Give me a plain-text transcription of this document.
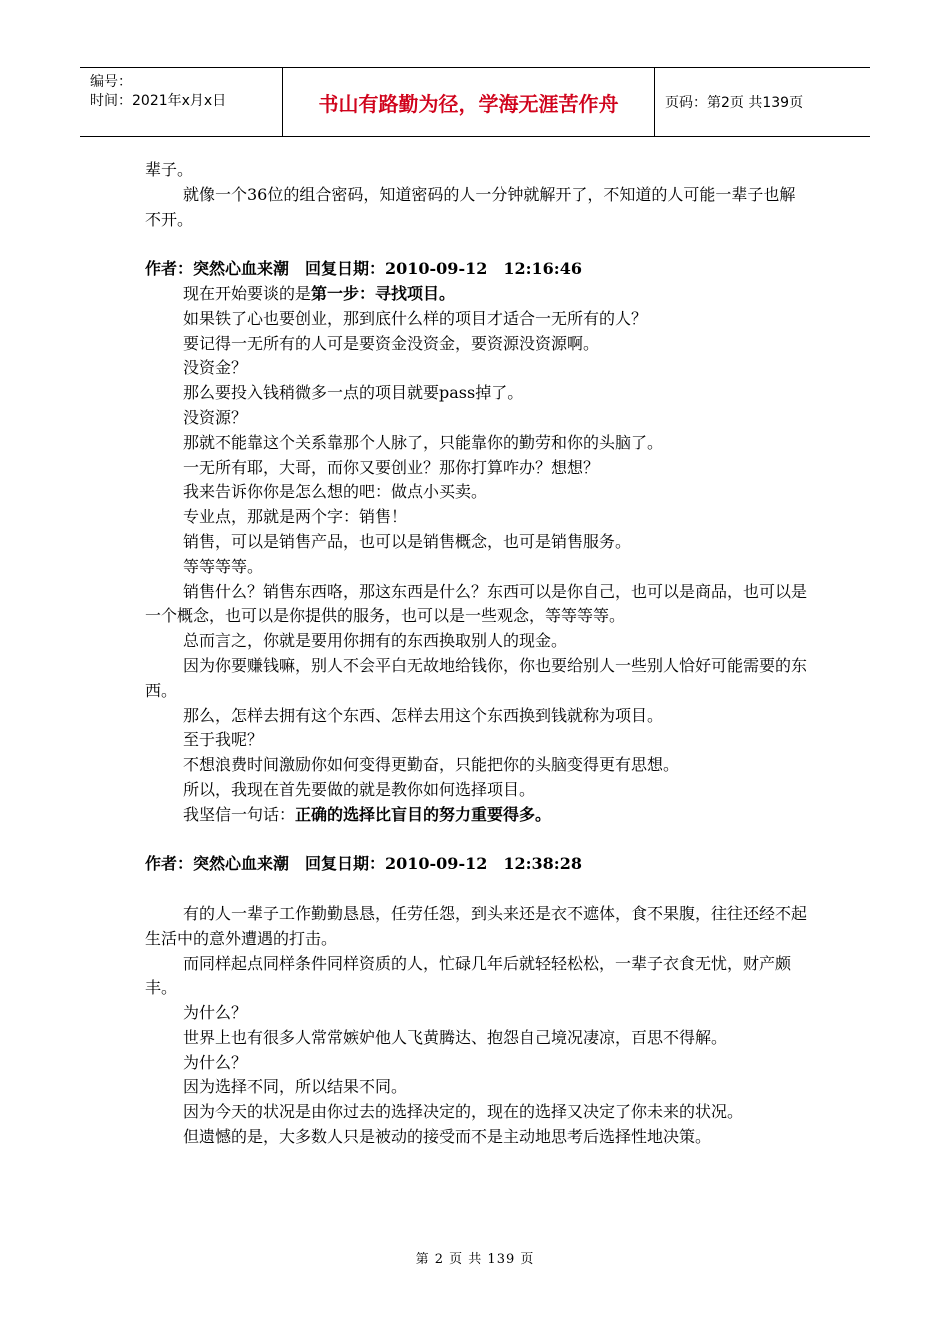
编号：
时间：2021年x月x日	书山有路勤为径，学海无涯苦作舟	页码：第2页 共139页

辈子。

就像一个36位的组合密码，知道密码的人一分钟就解开了，不知道的人可能一辈子也解不开。

作者：突然心血来潮　回复日期：2010-09-12　12:16:46

现在开始要谈的是第一步：寻找项目。

如果铁了心也要创业，那到底什么样的项目才适合一无所有的人？

要记得一无所有的人可是要资金没资金，要资源没资源啊。

没资金？

那么要投入钱稍微多一点的项目就要pass掉了。

没资源？

那就不能靠这个关系靠那个人脉了，只能靠你的勤劳和你的头脑了。

一无所有耶，大哥，而你又要创业？那你打算咋办？想想？

我来告诉你你是怎么想的吧：做点小买卖。

专业点，那就是两个字：销售！

销售，可以是销售产品，也可以是销售概念，也可是销售服务。

等等等等。

销售什么？销售东西咯，那这东西是什么？东西可以是你自己，也可以是商品，也可以是一个概念，也可以是你提供的服务，也可以是一些观念，等等等等。

总而言之，你就是要用你拥有的东西换取别人的现金。

因为你要赚钱嘛，别人不会平白无故地给钱你，你也要给别人一些别人恰好可能需要的东西。

那么，怎样去拥有这个东西、怎样去用这个东西换到钱就称为项目。

至于我呢？

不想浪费时间激励你如何变得更勤奋，只能把你的头脑变得更有思想。

所以，我现在首先要做的就是教你如何选择项目。

我坚信一句话：正确的选择比盲目的努力重要得多。

作者：突然心血来潮　回复日期：2010-09-12　12:38:28

有的人一辈子工作勤勤恳恳，任劳任怨，到头来还是衣不遮体，食不果腹，往往还经不起生活中的意外遭遇的打击。

而同样起点同样条件同样资质的人，忙碌几年后就轻轻松松，一辈子衣食无忧，财产颇丰。

为什么？

世界上也有很多人常常嫉妒他人飞黄腾达、抱怨自己境况凄凉，百思不得解。

为什么？

因为选择不同，所以结果不同。

因为今天的状况是由你过去的选择决定的，现在的选择又决定了你未来的状况。

但遗憾的是，大多数人只是被动的接受而不是主动地思考后选择性地决策。

第 2 页 共 139 页
